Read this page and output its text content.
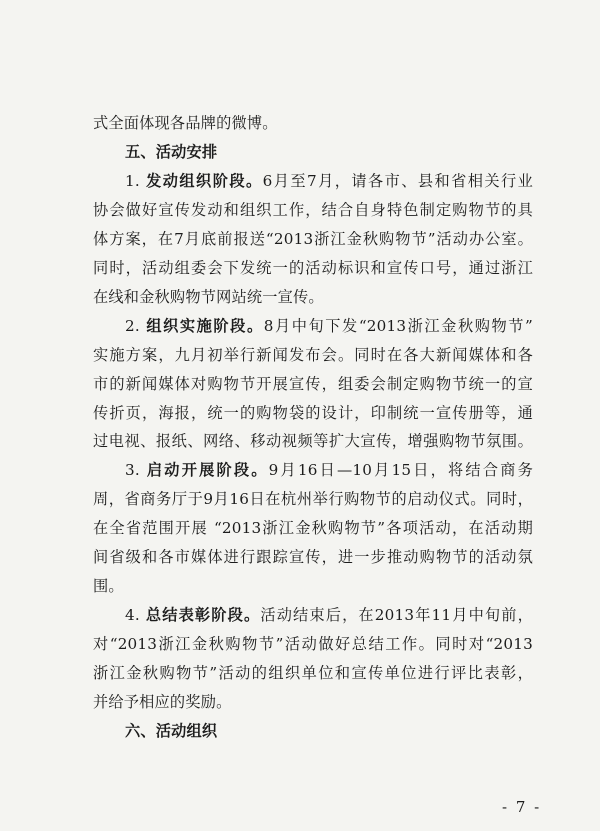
式全面体现各品牌的微博。
五、活动安排
1. 发动组织阶段。6月至7月，请各市、县和省相关行业
协会做好宣传发动和组织工作，结合自身特色制定购物节的具
体方案，在7月底前报送“2013浙江金秋购物节”活动办公室。
同时，活动组委会下发统一的活动标识和宣传口号，通过浙江
在线和金秋购物节网站统一宣传。
2. 组织实施阶段。8月中旬下发“2013浙江金秋购物节”
实施方案，九月初举行新闻发布会。同时在各大新闻媒体和各
市的新闻媒体对购物节开展宣传，组委会制定购物节统一的宣
传折页，海报，统一的购物袋的设计，印制统一宣传册等，通
过电视、报纸、网络、移动视频等扩大宣传，增强购物节氛围。
3. 启动开展阶段。9月16日—10月15日，将结合商务
周，省商务厅于9月16日在杭州举行购物节的启动仪式。同时，
在全省范围开展 “2013浙江金秋购物节”各项活动，在活动期
间省级和各市媒体进行跟踪宣传，进一步推动购物节的活动氛
围。
4. 总结表彰阶段。活动结束后，在2013年11月中旬前，
对“2013浙江金秋购物节”活动做好总结工作。同时对“2013
浙江金秋购物节”活动的组织单位和宣传单位进行评比表彰，
并给予相应的奖励。
六、活动组织
- 7 -
